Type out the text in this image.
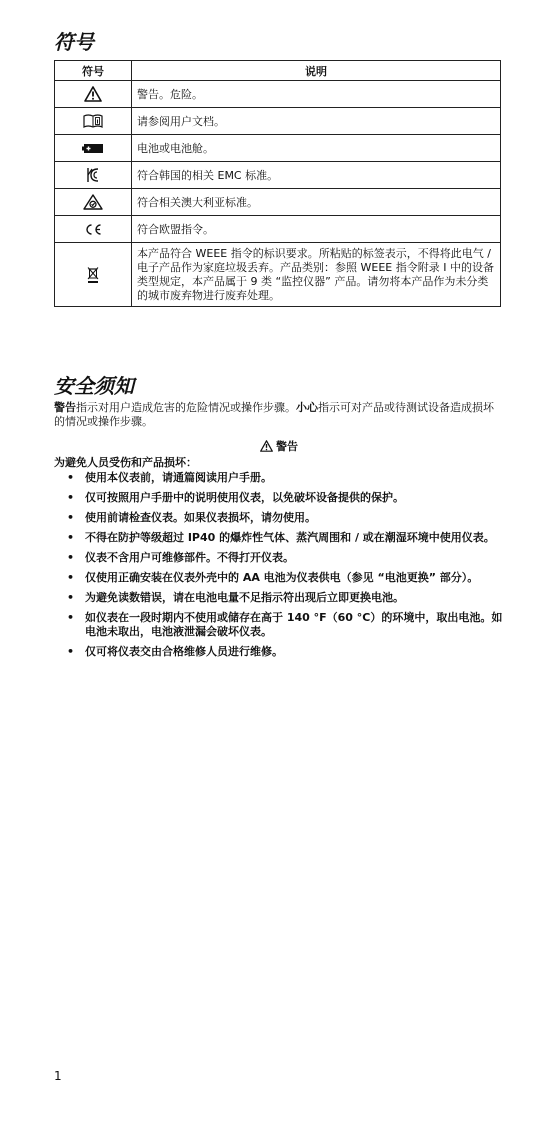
符号
符号	说明

	警告。危险。

	请参阅用户文档。

	电池或电池舱。

	符合韩国的相关 EMC 标准。

	符合相关澳大利亚标准。

	符合欧盟指令。

	本产品符合 WEEE 指令的标识要求。所粘贴的标签表示，不得将此电气 / 电子产品作为家庭垃圾丢弃。产品类别：参照 WEEE 指令附录 I 中的设备类型规定，本产品属于 9 类 “监控仪器” 产品。请勿将本产品作为未分类的城市废弃物进行废弃处理。
安全须知
警告指示对用户造成危害的危险情况或操作步骤。小心指示可对产品或待测试设备造成损坏的情况或操作步骤。
警告
为避免人员受伤和产品损坏：
• 使用本仪表前，请通篇阅读用户手册。
• 仅可按照用户手册中的说明使用仪表，以免破坏设备提供的保护。
• 使用前请检查仪表。如果仪表损坏，请勿使用。
• 不得在防护等级超过 IP40 的爆炸性气体、蒸汽周围和 / 或在潮湿环境中使用仪表。
• 仪表不含用户可维修部件。不得打开仪表。
• 仅使用正确安装在仪表外壳中的 AA 电池为仪表供电（参见 “电池更换” 部分）。
• 为避免读数错误，请在电池电量不足指示符出现后立即更换电池。
• 如仪表在一段时期内不使用或储存在高于 140 °F（60 °C）的环境中，取出电池。如电池未取出，电池液泄漏会破坏仪表。
• 仅可将仪表交由合格维修人员进行维修。
1
